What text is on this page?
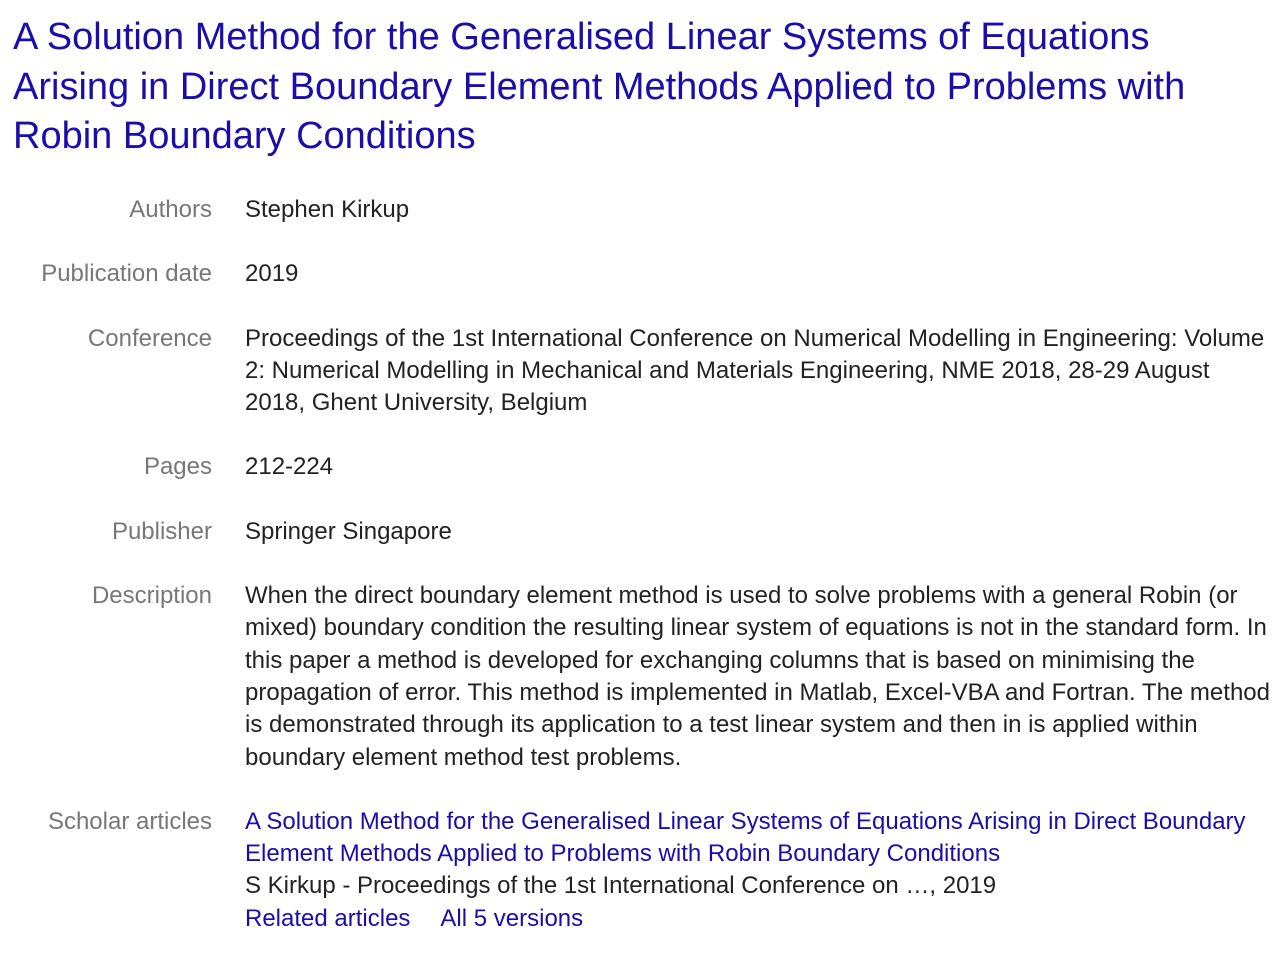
A Solution Method for the Generalised Linear Systems of Equations Arising in Direct Boundary Element Methods Applied to Problems with Robin Boundary Conditions
Authors Stephen Kirkup
Publication date 2019
Conference Proceedings of the 1st International Conference on Numerical Modelling in Engineering: Volume 2: Numerical Modelling in Mechanical and Materials Engineering, NME 2018, 28-29 August 2018, Ghent University, Belgium
Pages 212-224
Publisher Springer Singapore
Description When the direct boundary element method is used to solve problems with a general Robin (or mixed) boundary condition the resulting linear system of equations is not in the standard form. In this paper a method is developed for exchanging columns that is based on minimising the propagation of error. This method is implemented in Matlab, Excel-VBA and Fortran. The method is demonstrated through its application to a test linear system and then in is applied within boundary element method test problems.
Scholar articles A Solution Method for the Generalised Linear Systems of Equations Arising in Direct Boundary Element Methods Applied to Problems with Robin Boundary Conditions
S Kirkup - Proceedings of the 1st International Conference on …, 2019
Related articles All 5 versions
